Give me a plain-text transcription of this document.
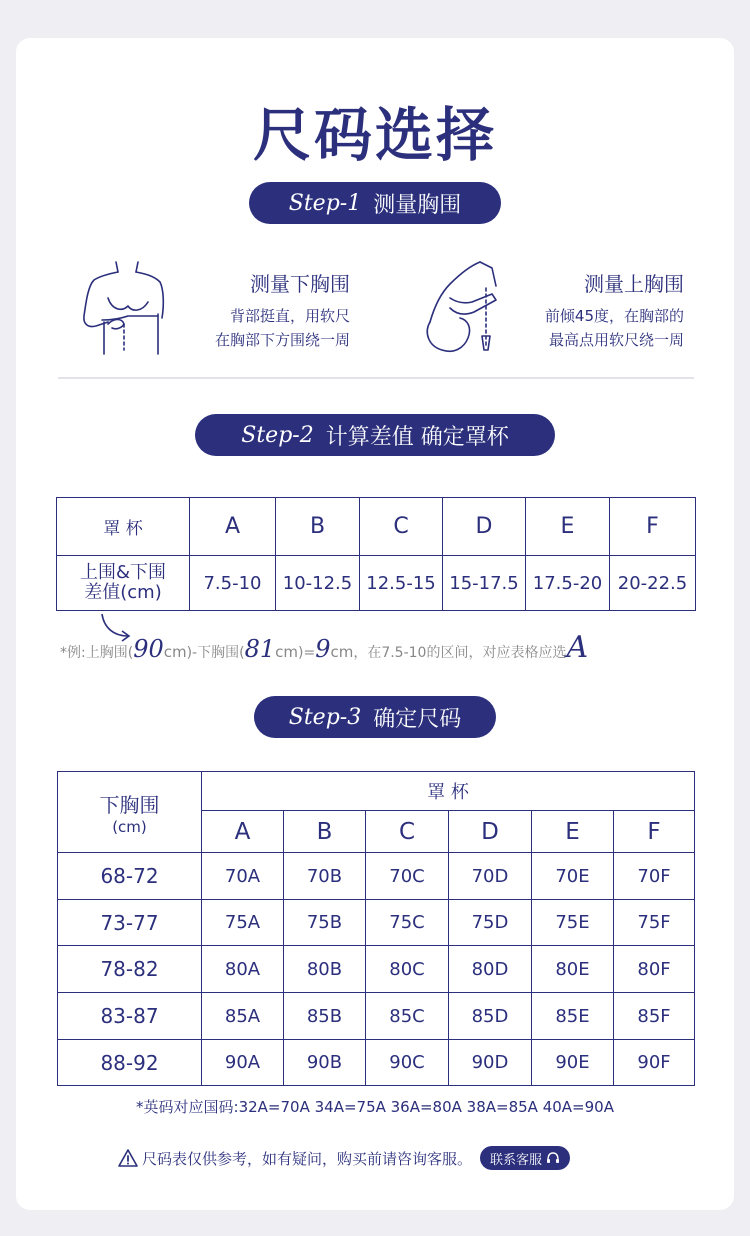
尺码选择
Step-1 测量胸围
测量下胸围
背部挺直，用软尺
在胸部下方围绕一周
测量上胸围
前倾45度，在胸部的
最高点用软尺绕一周
Step-2 计算差值 确定罩杯
罩 杯	A	B	C	D	E	F

上围&下围
差值(cm)	7.5-10	10-12.5	12.5-15	15-17.5	17.5-20	20-22.5
*例:上胸围(90cm)-下胸围(81cm)=9cm，在7.5-10的区间，对应表格应选A
Step-3 确定尺码
下胸围
(cm)	罩 杯					
	A	B	C	D	E	F
68-72	70A	70B	70C	70D	70E	70F
73-77	75A	75B	75C	75D	75E	75F
78-82	80A	80B	80C	80D	80E	80F
83-87	85A	85B	85C	85D	85E	85F
88-92	90A	90B	90C	90D	90E	90F
*英码对应国码:32A=70A 34A=75A 36A=80A 38A=85A 40A=90A
尺码表仅供参考，如有疑问，购买前请咨询客服。 联系客服
